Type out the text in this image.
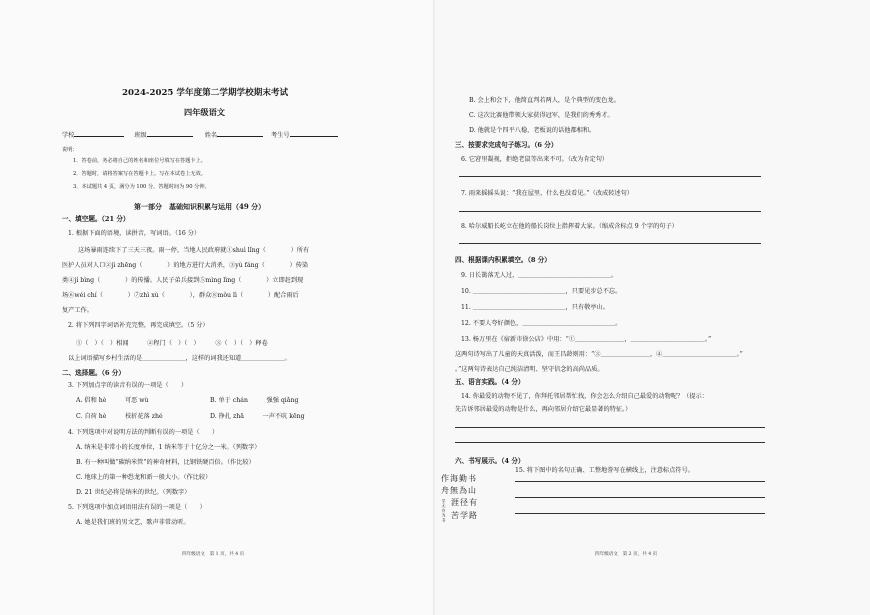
2024-2025 学年度第二学期学校期末考试
四年级语文
学校	班级	姓名	考生号
说明：
1．答卷前，务必将自己的姓名和座位号填写在答题卡上。
2．答题时，请将答案写在答题卡上。写在本试卷上无效。
3．本试题共 4 页，满分为 100 分，答题时间为 90 分钟。
第一部分　基础知识积累与运用（49 分）
一、填空题。（21 分）
1. 根据下面的语境，读拼音，写词语。（16 分）
这场暴雨连续下了三天三夜。雨一停，当地人民政府就①shuì lǐng（　　　　）所有
医护人员对人口②jì zhēng（　　　　）的地方进行大消杀，③yù fáng（　　　　）传染
类④jí bìng（　　　　）的传播。人民子弟兵接到⑤mìng lìng（　　　　）立即赶到现
场⑥wéi chí（　　　　）⑦zhì xù（　　　　），群众⑧mǒu lì（　　　　）配合雨后
复产工作。
2. 将下列四字词语补充完整，再完成填空。（5 分）
①（　）（　）相闻　　　②程门（　）（　）　　　③（　）（　）释卷
以上词语描写乡村生活的是＿＿＿＿＿＿＿，这样的词我还知道＿＿＿＿＿＿＿。
二、选择题。（6 分）
3. 下列加点字的读音有误的一项是（　　）
A. 倡和 hè　　　可恶 wù	B. 单于 chán　　　强强 qiǎng
C. 自荷 hè　　　枝折花落 zhé	D. 挣扎 zhā　　　一声不吭 kēng
4. 下列选项中对说明方法的判断有误的一项是（　　）
A. 纳米是非常小的长度单位，1 纳米等于十亿分之一米。（列数字）
B. 有一种叫做“碳纳米管”的神奇材料，比钢铁硬百倍。（作比较）
C. 地球上的第一种恐龙和新一般大小。（作比较）
D. 21 世纪必将是纳米的世纪。（列数字）
5. 下列选项中加点词语用法有误的一项是（　　）
A. 她是我们班的男文艺，歌声非常动听。
四年级语文　第 1 页，共 4 页
B. 会上和会下，他简直判若两人，是个典型的变色龙。
C. 这次比赛他带领大家获得冠军，是我们的秀秀才。
D. 他就是个四平八稳，老板说的话他都相和。
三、按要求完成句子练习。（6 分）
6. 它窘里凝视，拒绝老鼠等出来不可。（改为肯定句）
7. 雨来摇摇头说：“我在屋里，什么也没看见。”（改成转述句）
8. 哈尔威船长屹立在他的船长岗位上指挥着大家。（缩成含标点 9 个字的句子）
四、根据课内积累填空。（8 分）
9. 日长篱落无人过，＿＿＿＿＿＿＿＿＿＿＿＿＿＿＿。
10. ＿＿＿＿＿＿＿＿＿＿＿＿＿＿＿，只要见步总不忘。
11. ＿＿＿＿＿＿＿＿＿＿＿＿＿＿＿，只有敬亭山。
12. 不要人夸好颜色，＿＿＿＿＿＿＿＿＿＿＿＿＿＿＿。
13. 杨万里在《宿新市徐公店》中用：“①＿＿＿＿＿＿＿＿，＿＿＿＿＿＿＿＿＿＿＿＿。”
这两句诗写出了儿童的天真活泼，而王昌龄则用：“③＿＿＿＿＿＿＿＿，④＿＿＿＿＿＿＿＿＿＿＿＿。”
。”这两句诗表达自己纯洁清明、坚守信念的高尚品质。
五、语言实践。（4 分）
14. 你最爱的动物不见了，你拜托邻居帮忙找，你会怎么介绍自己最爱的动物呢？（提示：
先告诉邻居最爱的动物是什么，再向邻居介绍它最显著的特征。）
六、书写展示。（4 分）
15. 将下图中的名句正确、工整地誊写在横线上，注意标点符号。
作海勤书
舟無為山
涯径有
苦学路
学无舟为书
四年级语文　第 2 页，共 4 页
